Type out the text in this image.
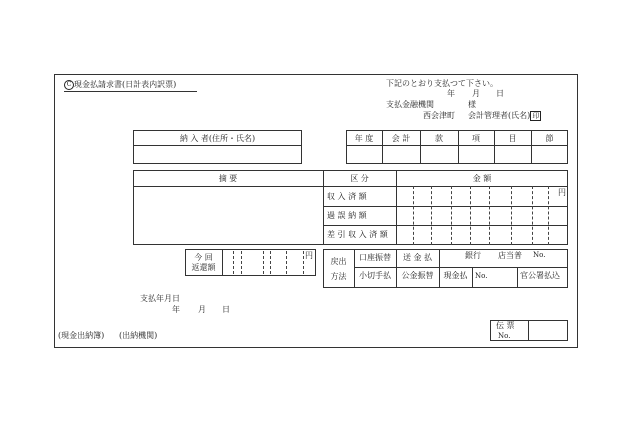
C 現金払請求書(日計表内訳票)	下記のとおり支払つて下さい。
年 月 日
支払金融機関	様
西会津町 会計管理者(氏名) 印
納 入 者(住所・氏名)	年 度	会 計	款	項	目	節
摘 要	区 分	金 額
円
収 入 済 額
過 誤 納 額
差 引 収 入 済 額
今 回
返還額
円
戻出
方法
口座振替	送 金 払	銀行 店当普 No.
小切手払	公金振替	現金払	No.	官公署払込
支払年月日
年 月 日
(現金出納簿) (出納機関)
伝 票
No.
